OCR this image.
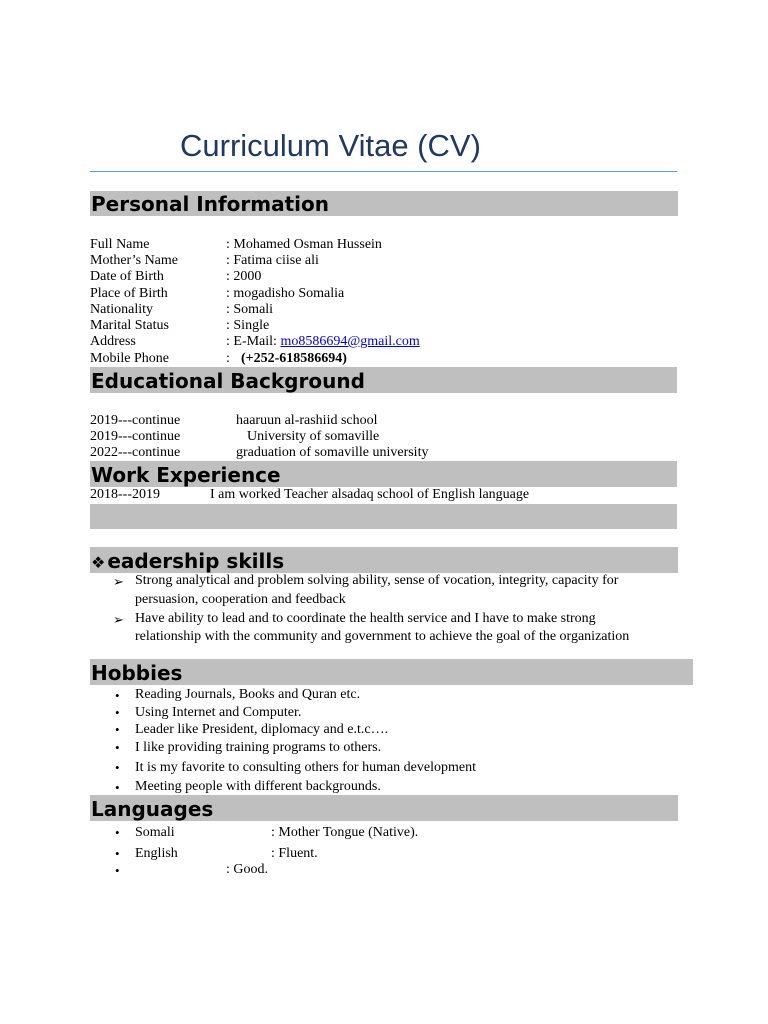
Curriculum Vitae (CV)
Personal Information
Full Name	: Mohamed Osman Hussein
Mother’s Name	: Fatima ciise ali
Date of Birth	: 2000
Place of Birth	: mogadisho Somalia
Nationality	: Somali
Marital Status	: Single
Address	: E-Mail: mo8586694@gmail.com
Mobile Phone	: (+252-618586694)
Educational Background
2019---continue	haaruun al-rashiid school
2019---continue	University of somaville
2022---continue	graduation of somaville university
Work Experience
2018---2019	I am worked Teacher alsadaq school of English language
❖ eadership skills
➢ Strong analytical and problem solving ability, sense of vocation, integrity, capacity for
persuasion, cooperation and feedback
➢ Have ability to lead and to coordinate the health service and I have to make strong
relationship with the community and government to achieve the goal of the organization
Hobbies
• Reading Journals, Books and Quran etc.
• Using Internet and Computer.
• Leader like President, diplomacy and e.t.c….
• I like providing training programs to others.
• It is my favorite to consulting others for human development
• Meeting people with different backgrounds.
Languages
• Somali	: Mother Tongue (Native).
• English	: Fluent.
•	: Good.
